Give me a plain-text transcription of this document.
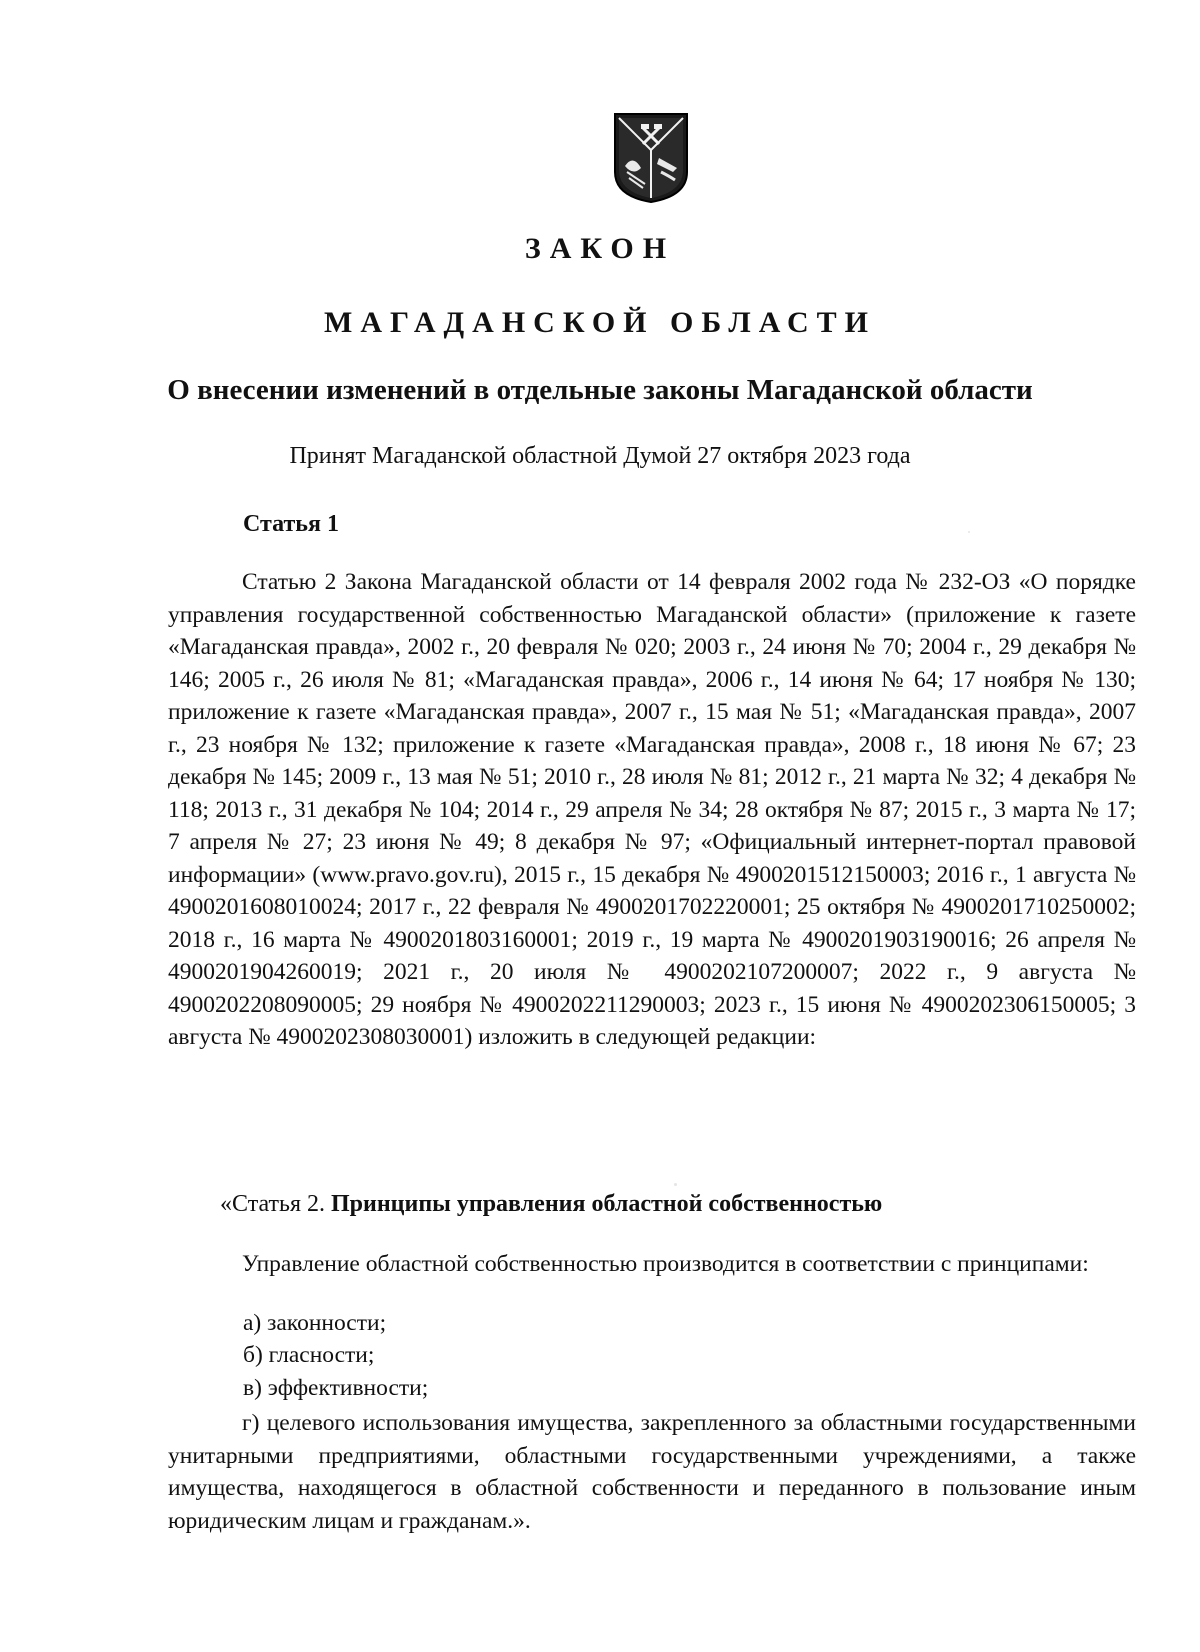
ЗАКОН
МАГАДАНСКОЙ ОБЛАСТИ
О внесении изменений в отдельные законы Магаданской области
Принят Магаданской областной Думой 27 октября 2023 года
Статья 1
Статью 2 Закона Магаданской области от 14 февраля 2002 года № 232-ОЗ «О порядке управления государственной собственностью Магаданской области» (приложение к газете «Магаданская правда», 2002 г., 20 февраля № 020; 2003 г., 24 июня № 70; 2004 г., 29 декабря № 146; 2005 г., 26 июля № 81; «Магаданская правда», 2006 г., 14 июня № 64; 17 ноября № 130; приложение к газете «Магаданская правда», 2007 г., 15 мая № 51; «Магаданская правда», 2007 г., 23 ноября № 132; приложение к газете «Магаданская правда», 2008 г., 18 июня № 67; 23 декабря № 145; 2009 г., 13 мая № 51; 2010 г., 28 июля № 81; 2012 г., 21 марта № 32; 4 декабря № 118; 2013 г., 31 декабря № 104; 2014 г., 29 апреля № 34; 28 октября № 87; 2015 г., 3 марта № 17; 7 апреля № 27; 23 июня № 49; 8 декабря № 97; «Официальный интернет-портал правовой информации» (www.pravo.gov.ru), 2015 г., 15 декабря № 4900201512150003; 2016 г., 1 августа № 4900201608010024; 2017 г., 22 февраля № 4900201702220001; 25 октября № 4900201710250002; 2018 г., 16 марта № 4900201803160001; 2019 г., 19 марта № 4900201903190016; 26 апреля № 4900201904260019; 2021 г., 20 июля № 4900202107200007; 2022 г., 9 августа № 4900202208090005; 29 ноября № 4900202211290003; 2023 г., 15 июня № 4900202306150005; 3 августа № 4900202308030001) изложить в следующей редакции:
«Статья 2. Принципы управления областной собственностью
Управление областной собственностью производится в соответствии с принципами:
а) законности;
б) гласности;
в) эффективности;
г) целевого использования имущества, закрепленного за областными государственными унитарными предприятиями, областными государственными учреждениями, а также имущества, находящегося в областной собственности и переданного в пользование иным юридическим лицам и гражданам.».
